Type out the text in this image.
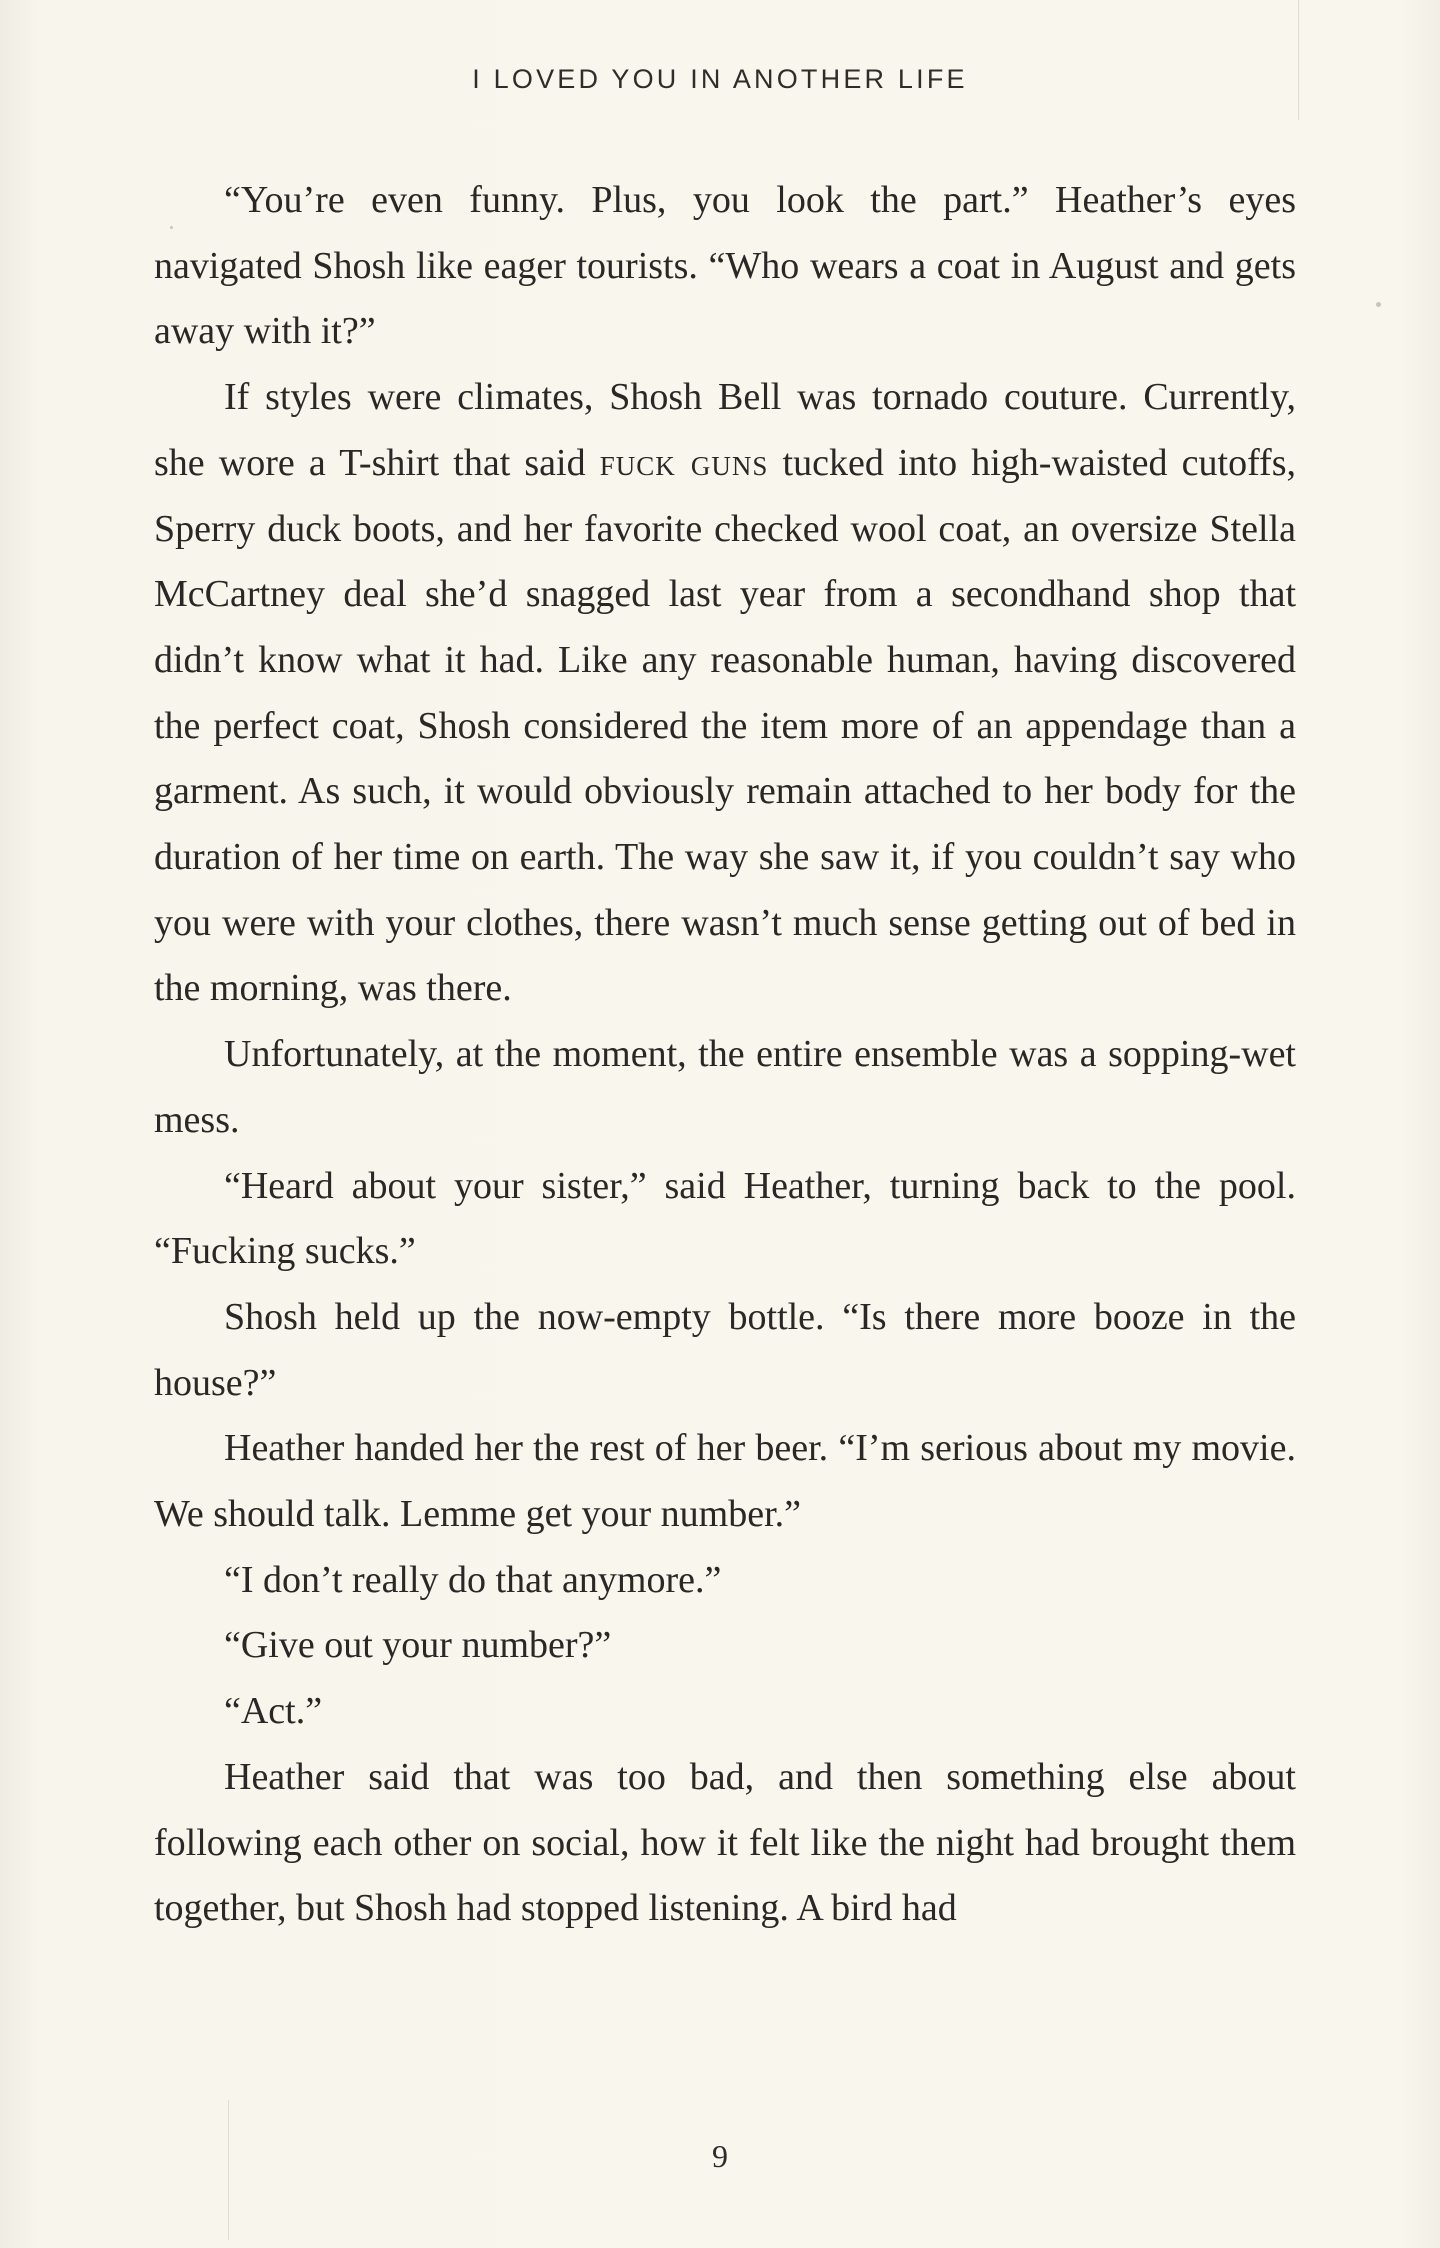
I LOVED YOU IN ANOTHER LIFE

“You’re even funny. Plus, you look the part.” Heather’s eyes navigated Shosh like eager tourists. “Who wears a coat in August and gets away with it?”

If styles were climates, Shosh Bell was tornado couture. Currently, she wore a T-shirt that said fuck guns tucked into high-waisted cutoffs, Sperry duck boots, and her favorite checked wool coat, an oversize Stella McCartney deal she’d snagged last year from a secondhand shop that didn’t know what it had. Like any reasonable human, having discovered the perfect coat, Shosh considered the item more of an appendage than a garment. As such, it would obviously remain attached to her body for the duration of her time on earth. The way she saw it, if you couldn’t say who you were with your clothes, there wasn’t much sense getting out of bed in the morning, was there.

Unfortunately, at the moment, the entire ensemble was a sopping-wet mess.

“Heard about your sister,” said Heather, turning back to the pool. “Fucking sucks.”

Shosh held up the now-empty bottle. “Is there more booze in the house?”

Heather handed her the rest of her beer. “I’m serious about my movie. We should talk. Lemme get your number.”

“I don’t really do that anymore.”

“Give out your number?”

“Act.”

Heather said that was too bad, and then something else about following each other on social, how it felt like the night had brought them together, but Shosh had stopped listening. A bird had

9
